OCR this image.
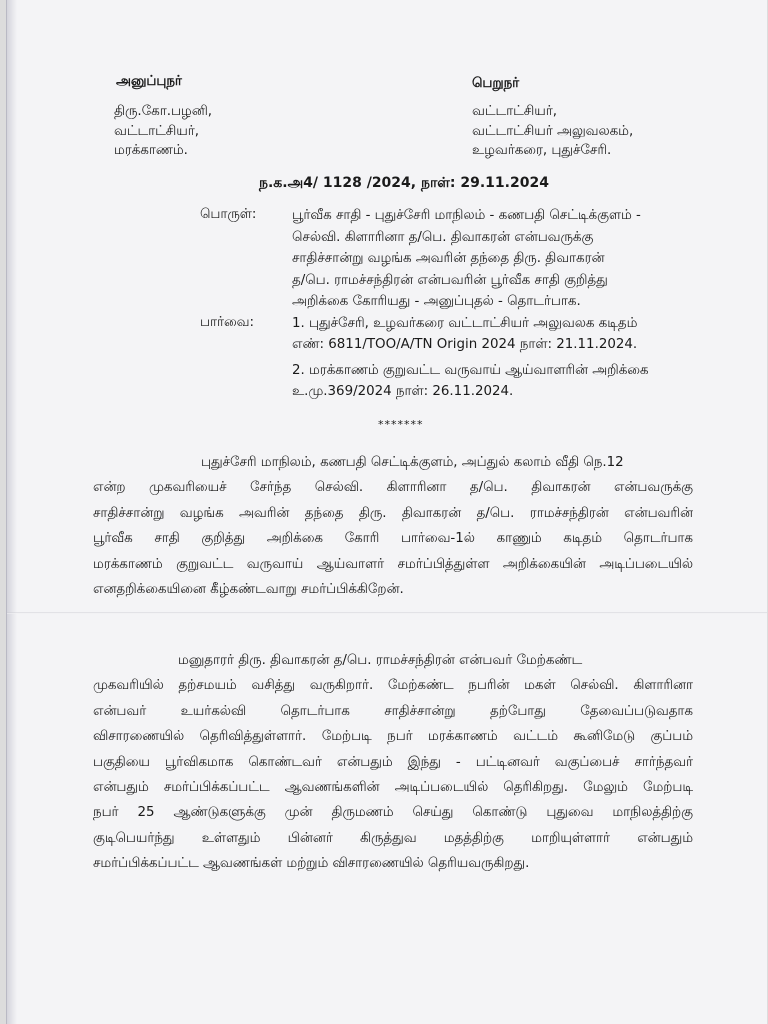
அனுப்புநர்
திரு.கோ.பழனி,
வட்டாட்சியர்,
மரக்காணம்.
பெறுநர்
வட்டாட்சியர்,
வட்டாட்சியர் அலுவலகம்,
உழவர்கரை, புதுச்சேரி.
ந.க.அ4/ 1128 /2024, நாள்: 29.11.2024
பொருள்:	பூர்வீக சாதி - புதுச்சேரி மாநிலம் - கணபதி செட்டிக்குளம் -
செல்வி. கிளாரினா த/பெ. திவாகரன் என்பவருக்கு
சாதிச்சான்று வழங்க அவரின் தந்தை திரு. திவாகரன்
த/பெ. ராமச்சந்திரன் என்பவரின் பூர்வீக சாதி குறித்து
அறிக்கை கோரியது - அனுப்புதல் - தொடர்பாக.
பார்வை:	1. புதுச்சேரி, உழவர்கரை வட்டாட்சியர் அலுவலக கடிதம்
எண்: 6811/TOO/A/TN Origin 2024 நாள்: 21.11.2024.
2. மரக்காணம் குறுவட்ட வருவாய் ஆய்வாளரின் அறிக்கை
உ.மு.369/2024 நாள்: 26.11.2024.
*******
புதுச்சேரி மாநிலம், கணபதி செட்டிக்குளம், அப்துல் கலாம் வீதி நெ.12
என்ற முகவரியைச் சேர்ந்த செல்வி. கிளாரினா த/பெ. திவாகரன் என்பவருக்கு
சாதிச்சான்று வழங்க அவரின் தந்தை திரு. திவாகரன் த/பெ. ராமச்சந்திரன் என்பவரின்
பூர்வீக சாதி குறித்து அறிக்கை கோரி பார்வை-1ல் காணும் கடிதம் தொடர்பாக
மரக்காணம் குறுவட்ட வருவாய் ஆய்வாளர் சமர்ப்பித்துள்ள அறிக்கையின் அடிப்படையில்
எனதறிக்கையினை கீழ்கண்டவாறு சமர்ப்பிக்கிறேன்.
மனுதாரர் திரு. திவாகரன் த/பெ. ராமச்சந்திரன் என்பவர் மேற்கண்ட
முகவரியில் தற்சமயம் வசித்து வருகிறார். மேற்கண்ட நபரின் மகள் செல்வி. கிளாரினா
என்பவர் உயர்கல்வி தொடர்பாக சாதிச்சான்று தற்போது தேவைப்படுவதாக
விசாரணையில் தெரிவித்துள்ளார். மேற்படி நபர் மரக்காணம் வட்டம் கூனிமேடு குப்பம்
பகுதியை பூர்விகமாக கொண்டவர் என்பதும் இந்து - பட்டினவர் வகுப்பைச் சார்ந்தவர்
என்பதும் சமர்ப்பிக்கப்பட்ட ஆவணங்களின் அடிப்படையில் தெரிகிறது. மேலும் மேற்படி
நபர் 25 ஆண்டுகளுக்கு முன் திருமணம் செய்து கொண்டு புதுவை மாநிலத்திற்கு
குடிபெயர்ந்து உள்ளதும் பின்னர் கிருத்துவ மதத்திற்கு மாறியுள்ளார் என்பதும்
சமர்ப்பிக்கப்பட்ட ஆவணங்கள் மற்றும் விசாரணையில் தெரியவருகிறது.
